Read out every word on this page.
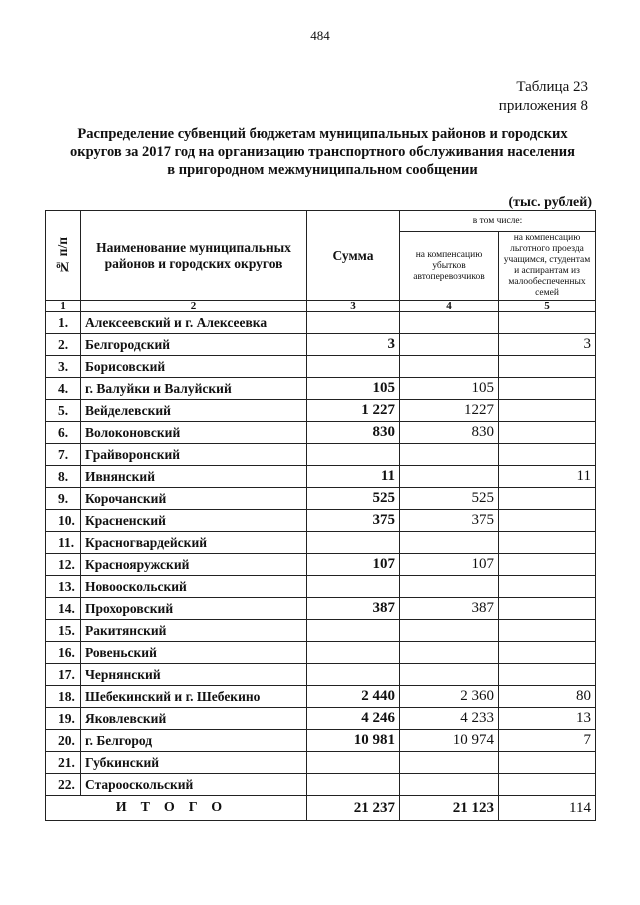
484
Таблица 23
приложения 8
Распределение субвенций бюджетам муниципальных районов и городских
округов за 2017 год на организацию транспортного обслуживания населения
в пригородном межмуниципальном сообщении
(тыс. рублей)
№ п/п	Наименование муниципальных районов и городских округов	Сумма	в том числе:	
			на компенсацию убытков автоперевозчиков	на компенсацию льготного проезда учащимся, студентам и аспирантам из малообеспеченных семей
1	2	3	4	5
1.	Алексеевский и г. Алексеевка			
2.	Белгородский	3		3
3.	Борисовский			
4.	г. Валуйки и Валуйский	105	105	
5.	Вейделевский	1 227	1227	
6.	Волоконовский	830	830	
7.	Грайворонский			
8.	Ивнянский	11		11
9.	Корочанский	525	525	
10.	Красненский	375	375	
11.	Красногвардейский			
12.	Краснояружский	107	107	
13.	Новооскольский			
14.	Прохоровский	387	387	
15.	Ракитянский			
16.	Ровеньский			
17.	Чернянский			
18.	Шебекинский и г. Шебекино	2 440	2 360	80
19.	Яковлевский	4 246	4 233	13
20.	г. Белгород	10 981	10 974	7
21.	Губкинский			
22.	Старооскольский			
ИТОГО		21 237	21 123	114
